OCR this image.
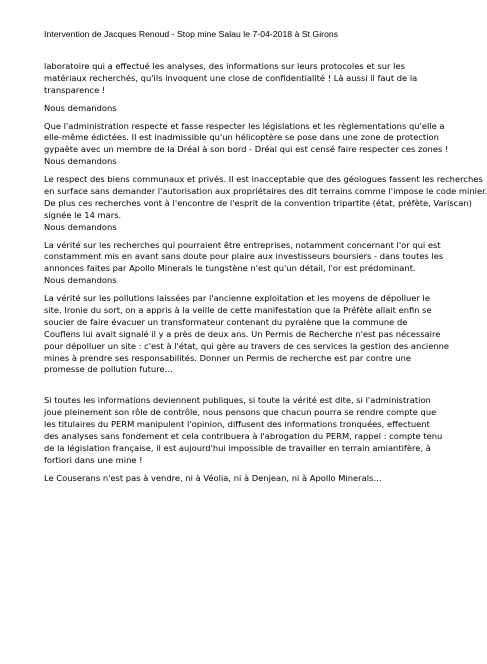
Intervention de Jacques Renoud - Stop mine Salau le 7-04-2018 à St Girons
laboratoire qui a effectué les analyses, des informations sur leurs protocoles et sur les
matériaux recherchés, qu'ils invoquent une close de confidentialité ! Là aussi il faut de la
transparence !
Nous demandons
Que l'administration respecte et fasse respecter les législations et les règlementations qu'elle a
elle-même édictées. Il est inadmissible qu'un hélicoptère se pose dans une zone de protection
gypaète avec un membre de la Dréal à son bord - Dréal qui est censé faire respecter ces zones !
Nous demandons
Le respect des biens communaux et privés. Il est inacceptable que des géologues fassent les recherches
en surface sans demander l'autorisation aux propriétaires des dit terrains comme l'impose le code minier.
De plus ces recherches vont à l'encontre de l'esprit de la convention tripartite (état, préfète, Variscan)
signée le 14 mars.
Nous demandons
La vérité sur les recherches qui pourraient être entreprises, notamment concernant l'or qui est
constamment mis en avant sans doute pour plaire aux investisseurs boursiers - dans toutes les
annonces faites par Apollo Minerals le tungstène n'est qu'un détail, l'or est prédominant.
Nous demandons
La vérité sur les pollutions laissées par l'ancienne exploitation et les moyens de dépolluer le
site. Ironie du sort, on a appris à la veille de cette manifestation que la Préfète allait enfin se
soucier de faire évacuer un transformateur contenant du pyralène que la commune de
Couflens lui avait signalé il y a près de deux ans. Un Permis de Recherche n'est pas nécessaire
pour dépolluer un site : c'est à l'état, qui gère au travers de ces services la gestion des ancienne
mines à prendre ses responsabilités. Donner un Permis de recherche est par contre une
promesse de pollution future…
Si toutes les informations deviennent publiques, si toute la vérité est dite, si l'administration
joue pleinement son rôle de contrôle, nous pensons que chacun pourra se rendre compte que
les titulaires du PERM manipulent l'opinion, diffusent des informations tronquées, effectuent
des analyses sans fondement et cela contribuera à l'abrogation du PERM, rappel : compte tenu
de la législation française, il est aujourd'hui impossible de travailler en terrain amiantifère, à
fortiori dans une mine !
Le Couserans n'est pas à vendre, ni à Véolia, ni à Denjean, ni à Apollo Minerals…
